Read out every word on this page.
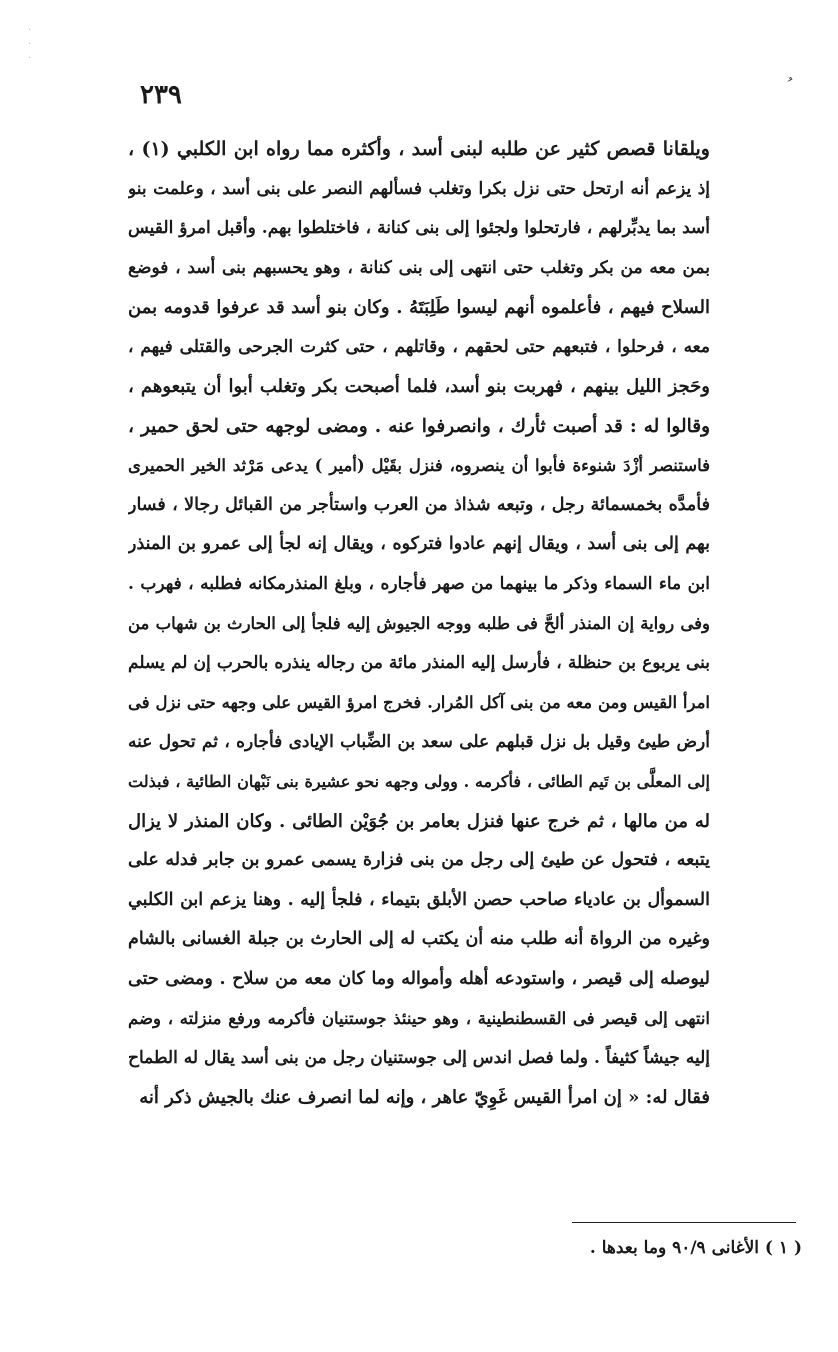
·
·
·
٢٣٩
ويلقانا قصص كثير عن طلبه لبنى أسد ، وأكثره مما رواه ابن الكلبي (١) ،
إذ يزعم أنه ارتحل حتى نزل بكرا وتغلب فسألهم النصر على بنى أسد ، وعلمت بنو
أسد بما يدبِّرلهم ، فارتحلوا ولجئوا إلى بنى كنانة ، فاختلطوا بهم. وأقبل امرؤ القيس
بمن معه من بكر وتغلب حتى انتهى إلى بنى كنانة ، وهو يحسبهم بنى أسد ، فوضع
السلاح فيهم ، فأعلموه أنهم ليسوا طَلِبَتَهُ . وكان بنو أسد قد عرفوا قدومه بمن
معه ، فرحلوا ، فتبعهم حتى لحقهم ، وقاتلهم ، حتى كثرت الجرحى والقتلى فيهم ،
وحَجز الليل بينهم ، فهربت بنو أسد، فلما أصبحت بكر وتغلب أبوا أن يتبعوهم ،
وقالوا له : قد أصبت ثأرك ، وانصرفوا عنه . ومضى لوجهه حتى لحق حمير ،
فاستنصر أزْدَ شنوءة فأبوا أن ينصروه، فنزل بقَيْل (أمير ) يدعى مَرْثد الخير الحميرى
فأمدَّه بخمسمائة رجل ، وتبعه شذاذ من العرب واستأجر من القبائل رجالا ، فسار
بهم إلى بنى أسد ، ويقال إنهم عادوا فتركوه ، ويقال إنه لجأ إلى عمرو بن المنذر
ابن ماء السماء وذكر ما بينهما من صهر فأجاره ، وبلغ المنذرمكانه فطلبه ، فهرب .
وفى رواية إن المنذر ألحَّ فى طلبه ووجه الجيوش إليه فلجأ إلى الحارث بن شهاب من
بنى يربوع بن حنظلة ، فأرسل إليه المنذر مائة من رجاله ينذره بالحرب إن لم يسلم
امرأ القيس ومن معه من بنى آكل المُرار. فخرج امرؤ القيس على وجهه حتى نزل فى
أرض طيئ وقيل بل نزل قبلهم على سعد بن الضِّباب الإيادى فأجاره ، ثم تحول عنه
إلى المعلَّى بن تَيم الطائى ، فأكرمه . وولى وجهه نحو عشيرة بنى نَبْهان الطائية ، فبذلت
له من مالها ، ثم خرج عنها فنزل بعامر بن جُوَيْن الطائى . وكان المنذر لا يزال
يتبعه ، فتحول عن طيئ إلى رجل من بنى فزارة يسمى عمرو بن جابر فدله على
السموأل بن عادياء صاحب حصن الأبلق بتيماء ، فلجأ إليه . وهنا يزعم ابن الكلبي
وغيره من الرواة أنه طلب منه أن يكتب له إلى الحارث بن جبلة الغسانى بالشام
ليوصله إلى قيصر ، واستودعه أهله وأمواله وما كان معه من سلاح . ومضى حتى
انتهى إلى قيصر فى القسطنطينية ، وهو حينئذ جوستنيان فأكرمه ورفع منزلته ، وضم
إليه جيشاً كثيفاً . ولما فصل اندس إلى جوستنيان رجل من بنى أسد يقال له الطماح
فقال له: « إن امرأ القيس غَوِيّ عاهر ، وإنه لما انصرف عنك بالجيش ذكر أنه
( ١ ) الأغانى ٩٠/٩ وما بعدها .
